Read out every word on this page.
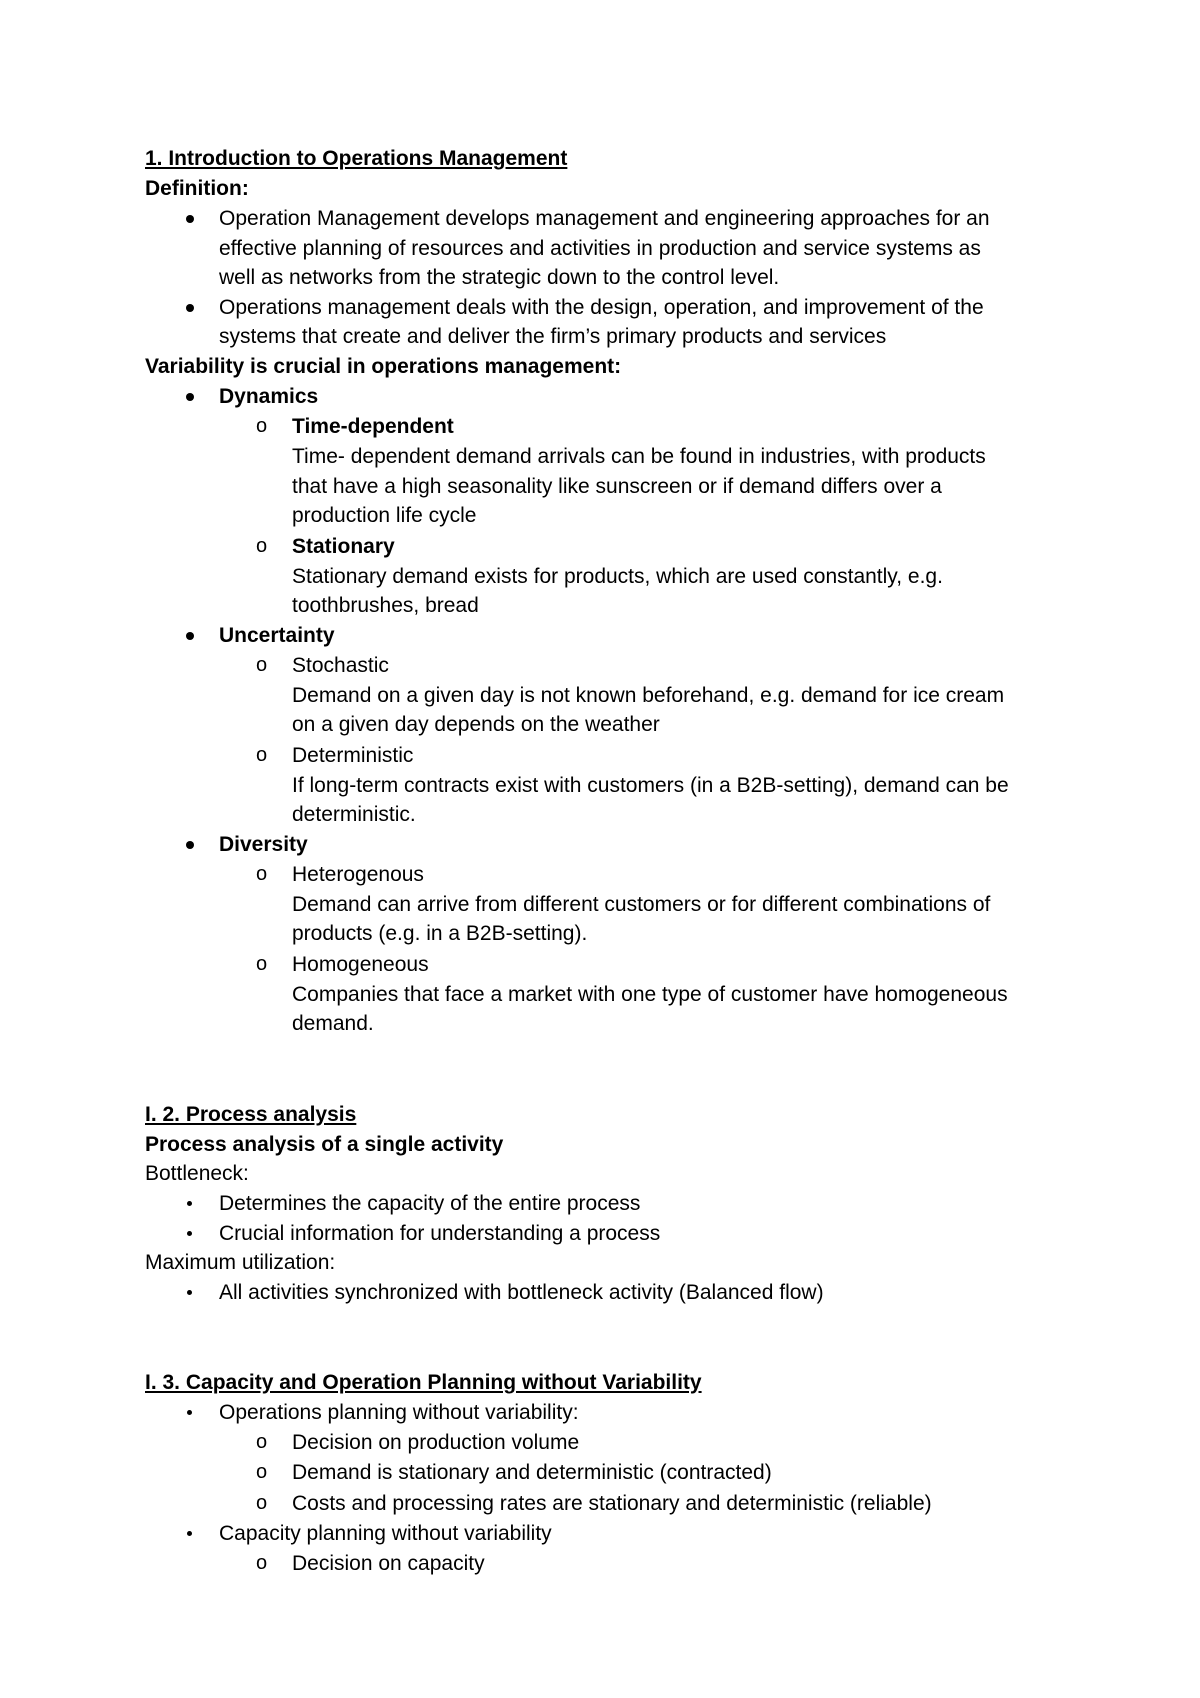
1. Introduction to Operations Management
Definition:
Operation Management develops management and engineering approaches for an
effective planning of resources and activities in production and service systems as
well as networks from the strategic down to the control level.
Operations management deals with the design, operation, and improvement of the
systems that create and deliver the firm’s primary products and services
Variability is crucial in operations management:
Dynamics
o Time-dependent
Time- dependent demand arrivals can be found in industries, with products
that have a high seasonality like sunscreen or if demand differs over a
production life cycle
o Stationary
Stationary demand exists for products, which are used constantly, e.g.
toothbrushes, bread
Uncertainty
o Stochastic
Demand on a given day is not known beforehand, e.g. demand for ice cream
on a given day depends on the weather
o Deterministic
If long-term contracts exist with customers (in a B2B-setting), demand can be
deterministic.
Diversity
o Heterogenous
Demand can arrive from different customers or for different combinations of
products (e.g. in a B2B-setting).
o Homogeneous
Companies that face a market with one type of customer have homogeneous
demand.
I. 2. Process analysis
Process analysis of a single activity
Bottleneck:
Determines the capacity of the entire process
Crucial information for understanding a process
Maximum utilization:
All activities synchronized with bottleneck activity (Balanced flow)
I. 3. Capacity and Operation Planning without Variability
Operations planning without variability:
o Decision on production volume
o Demand is stationary and deterministic (contracted)
o Costs and processing rates are stationary and deterministic (reliable)
Capacity planning without variability
o Decision on capacity
